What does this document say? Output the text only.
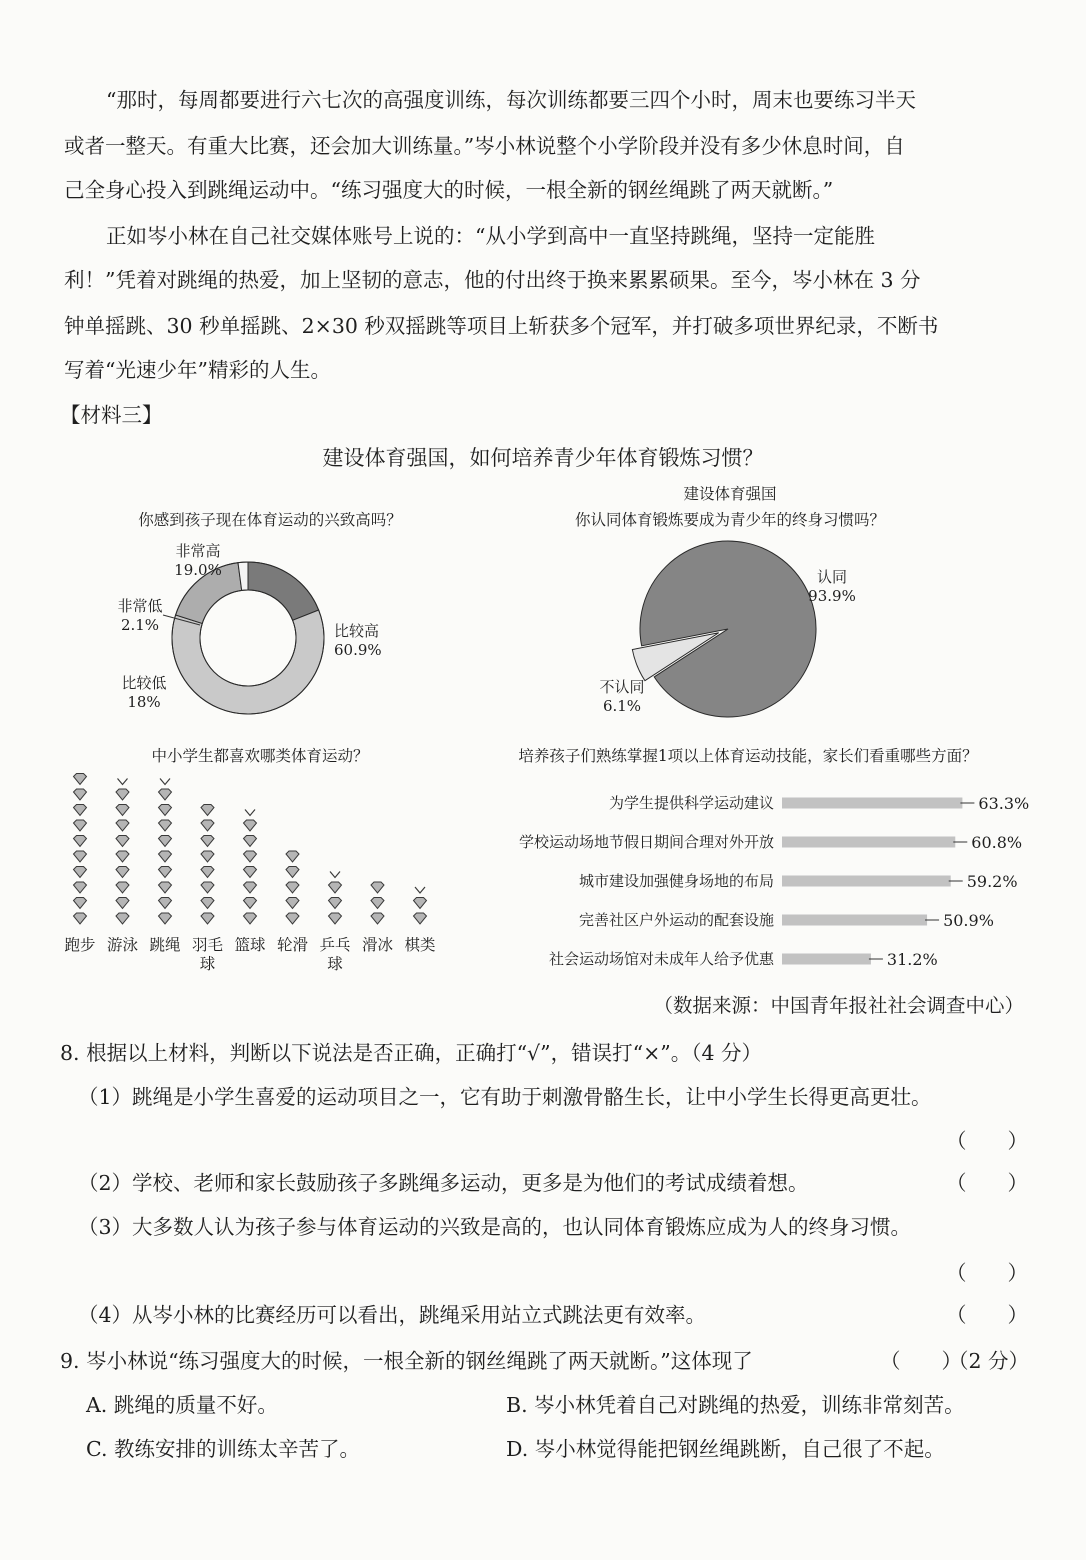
“那时，每周都要进行六七次的高强度训练，每次训练都要三四个小时，周末也要练习半天
或者一整天。有重大比赛，还会加大训练量。”岑小林说整个小学阶段并没有多少休息时间，自
己全身心投入到跳绳运动中。“练习强度大的时候，一根全新的钢丝绳跳了两天就断。”
正如岑小林在自己社交媒体账号上说的：“从小学到高中一直坚持跳绳，坚持一定能胜
利！”凭着对跳绳的热爱，加上坚韧的意志，他的付出终于换来累累硕果。至今，岑小林在 3 分
钟单摇跳、30 秒单摇跳、2×30 秒双摇跳等项目上斩获多个冠军，并打破多项世界纪录，不断书
写着“光速少年”精彩的人生。
【材料三】
建设体育强国，如何培养青少年体育锻炼习惯？
建设体育强国
你感到孩子现在体育运动的兴致高吗？
非常高
19.0%
非常低
2.1%	比较高
60.9%
比较低
18%
你认同体育锻炼要成为青少年的终身习惯吗？
认同
93.9%
不认同
6.1%
中小学生都喜欢哪类体育运动？
跑步 游泳 跳绳 羽毛
球
篮球 轮滑 乒乓
球
滑冰 棋类
培养孩子们熟练掌握1项以上体育运动技能，家长们看重哪些方面？
为学生提供科学运动建议	63.3%
学校运动场地节假日期间合理对外开放	60.8%
城市建设加强健身场地的布局	59.2%
完善社区户外运动的配套设施	50.9%
社会运动场馆对未成年人给予优惠	31.2%
（数据来源：中国青年报社社会调查中心）
8. 根据以上材料，判断以下说法是否正确，正确打“√”，错误打“×”。（4 分）
（1）跳绳是小学生喜爱的运动项目之一，它有助于刺激骨骼生长，让中小学生长得更高更壮。
（　　）
（2）学校、老师和家长鼓励孩子多跳绳多运动，更多是为他们的考试成绩着想。	（　　）
（3）大多数人认为孩子参与体育运动的兴致是高的，也认同体育锻炼应成为人的终身习惯。
（　　）
（4）从岑小林的比赛经历可以看出，跳绳采用站立式跳法更有效率。	（　　）
9. 岑小林说“练习强度大的时候，一根全新的钢丝绳跳了两天就断。”这体现了	（　　）
（2 分）
A. 跳绳的质量不好。	B. 岑小林凭着自己对跳绳的热爱，训练非常刻苦。
C. 教练安排的训练太辛苦了。	D. 岑小林觉得能把钢丝绳跳断，自己很了不起。
